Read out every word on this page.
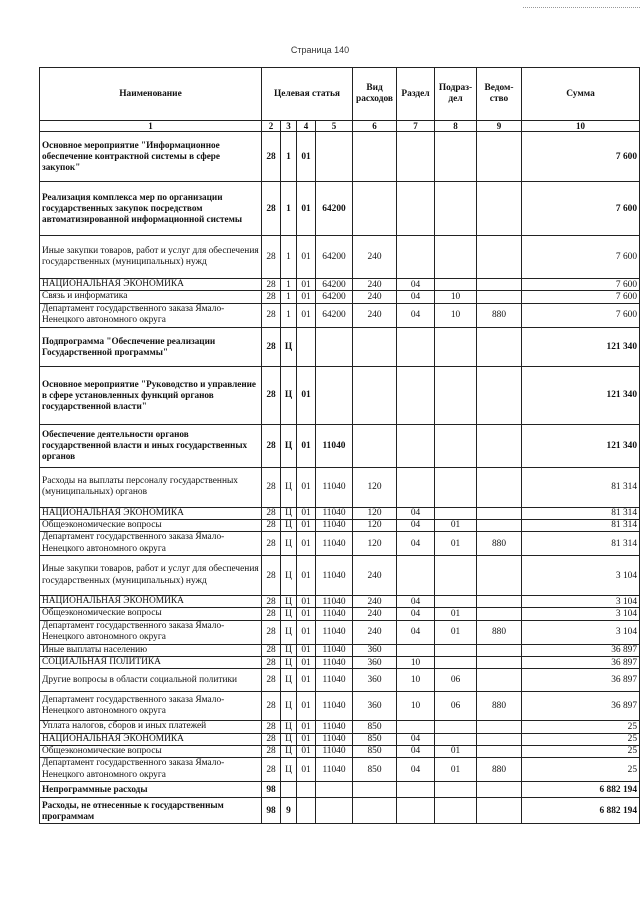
Страница 140
Наименование	Целевая статья				Вид расходов	Раздел	Подраз-дел	Ведом-ство	Сумма
1	2	3	4	5	6	7	8	9	10
Основное мероприятие "Информационное обеспечение контрактной системы в сфере закупок"	28	1	01						7 600
Реализация комплекса мер по организации государственных закупок посредством автоматизированной информационной системы	28	1	01	64200					7 600
Иные закупки товаров, работ и услуг для обеспечения государственных (муниципальных) нужд	28	1	01	64200	240				7 600
НАЦИОНАЛЬНАЯ ЭКОНОМИКА	28	1	01	64200	240	04			7 600
Связь и информатика	28	1	01	64200	240	04	10		7 600
Департамент государственного заказа Ямало-Ненецкого автономного округа	28	1	01	64200	240	04	10	880	7 600
Подпрограмма "Обеспечение реализации Государственной программы"	28	Ц							121 340
Основное мероприятие "Руководство и управление в сфере установленных функций органов государственной власти"	28	Ц	01						121 340
Обеспечение деятельности органов государственной власти и иных государственных органов	28	Ц	01	11040					121 340
Расходы на выплаты персоналу государственных (муниципальных) органов	28	Ц	01	11040	120				81 314
НАЦИОНАЛЬНАЯ ЭКОНОМИКА	28	Ц	01	11040	120	04			81 314
Общеэкономические вопросы	28	Ц	01	11040	120	04	01		81 314
Департамент государственного заказа Ямало-Ненецкого автономного округа	28	Ц	01	11040	120	04	01	880	81 314
Иные закупки товаров, работ и услуг для обеспечения государственных (муниципальных) нужд	28	Ц	01	11040	240				3 104
НАЦИОНАЛЬНАЯ ЭКОНОМИКА	28	Ц	01	11040	240	04			3 104
Общеэкономические вопросы	28	Ц	01	11040	240	04	01		3 104
Департамент государственного заказа Ямало-Ненецкого автономного округа	28	Ц	01	11040	240	04	01	880	3 104
Иные выплаты населению	28	Ц	01	11040	360				36 897
СОЦИАЛЬНАЯ ПОЛИТИКА	28	Ц	01	11040	360	10			36 897
Другие вопросы в области социальной политики	28	Ц	01	11040	360	10	06		36 897
Департамент государственного заказа Ямало-Ненецкого автономного округа	28	Ц	01	11040	360	10	06	880	36 897
Уплата налогов, сборов и иных платежей	28	Ц	01	11040	850				25
НАЦИОНАЛЬНАЯ ЭКОНОМИКА	28	Ц	01	11040	850	04			25
Общеэкономические вопросы	28	Ц	01	11040	850	04	01		25
Департамент государственного заказа Ямало-Ненецкого автономного округа	28	Ц	01	11040	850	04	01	880	25
Непрограммные расходы	98								6 882 194
Расходы, не отнесенные к государственным программам	98	9							6 882 194
